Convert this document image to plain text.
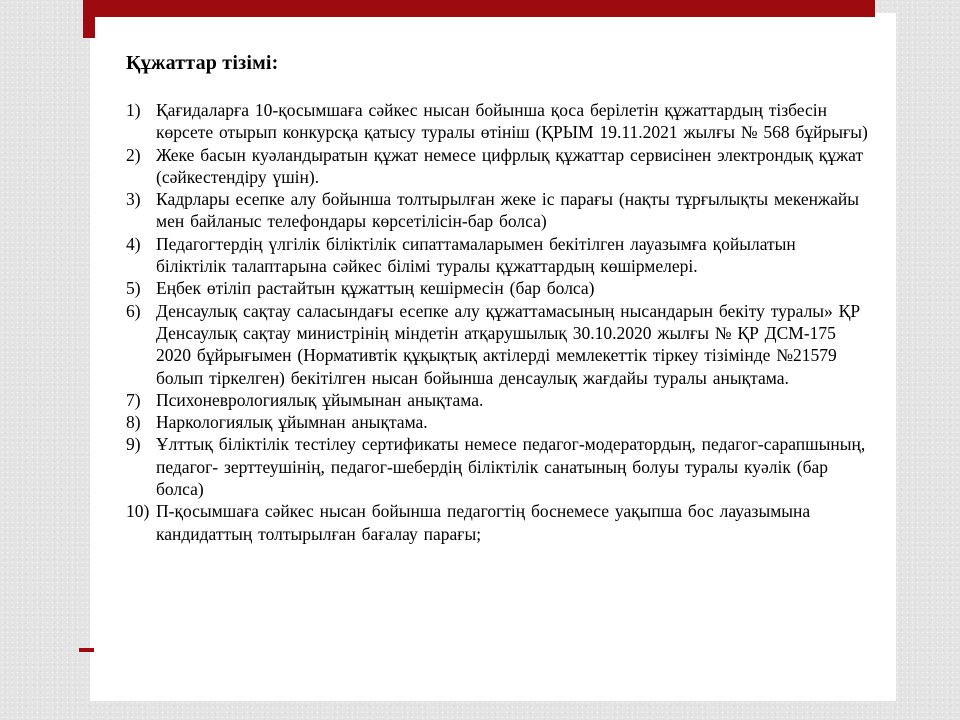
Құжаттар тізімі:
1) Қағидаларға 10-қосымшаға сәйкес нысан бойынша қоса берілетін құжаттардың тізбесін көрсете отырып конкурсқа қатысу туралы өтініш (ҚРЫМ 19.11.2021 жылғы № 568 бұйрығы)
2) Жеке басын куәландыратын құжат немесе цифрлық құжаттар сервисінен электрондық құжат (сәйкестендіру үшін).
3) Кадрлары есепке алу бойынша толтырылған жеке іс парағы (нақты тұрғылықты мекенжайы мен байланыс телефондары көрсетілісін-бар болса)
4) Педагогтердің үлгілік біліктілік сипаттамаларымен бекітілген лауазымға қойылатын біліктілік талаптарына сәйкес білімі туралы құжаттардың көшірмелері.
5) Еңбек өтіліп растайтын құжаттың кешірмесін (бар болса)
6) Денсаулық сақтау саласындағы есепке алу құжаттамасының нысандарын бекіту туралы» ҚР Денсаулық сақтау министрінің міндетін атқарушылық 30.10.2020 жылғы № ҚР ДСМ-175 2020 бұйрығымен (Нормативтік құқықтық актілерді мемлекеттік тіркеу тізімінде №21579 болып тіркелген) бекітілген нысан бойынша денсаулық жағдайы туралы анықтама.
7) Психоневрологиялық ұйымынан анықтама.
8) Наркологиялық ұйымнан анықтама.
9) Ұлттық біліктілік тестілеу сертификаты немесе педагог-модератордың, педагог-сарапшының, педагог- зерттеушінің, педагог-шебердің біліктілік санатының болуы туралы куәлік (бар болса)
10) П-қосымшаға сәйкес нысан бойынша педагогтің боснемесе уақыпша бос лауазымына кандидаттың толтырылған бағалау парағы;
